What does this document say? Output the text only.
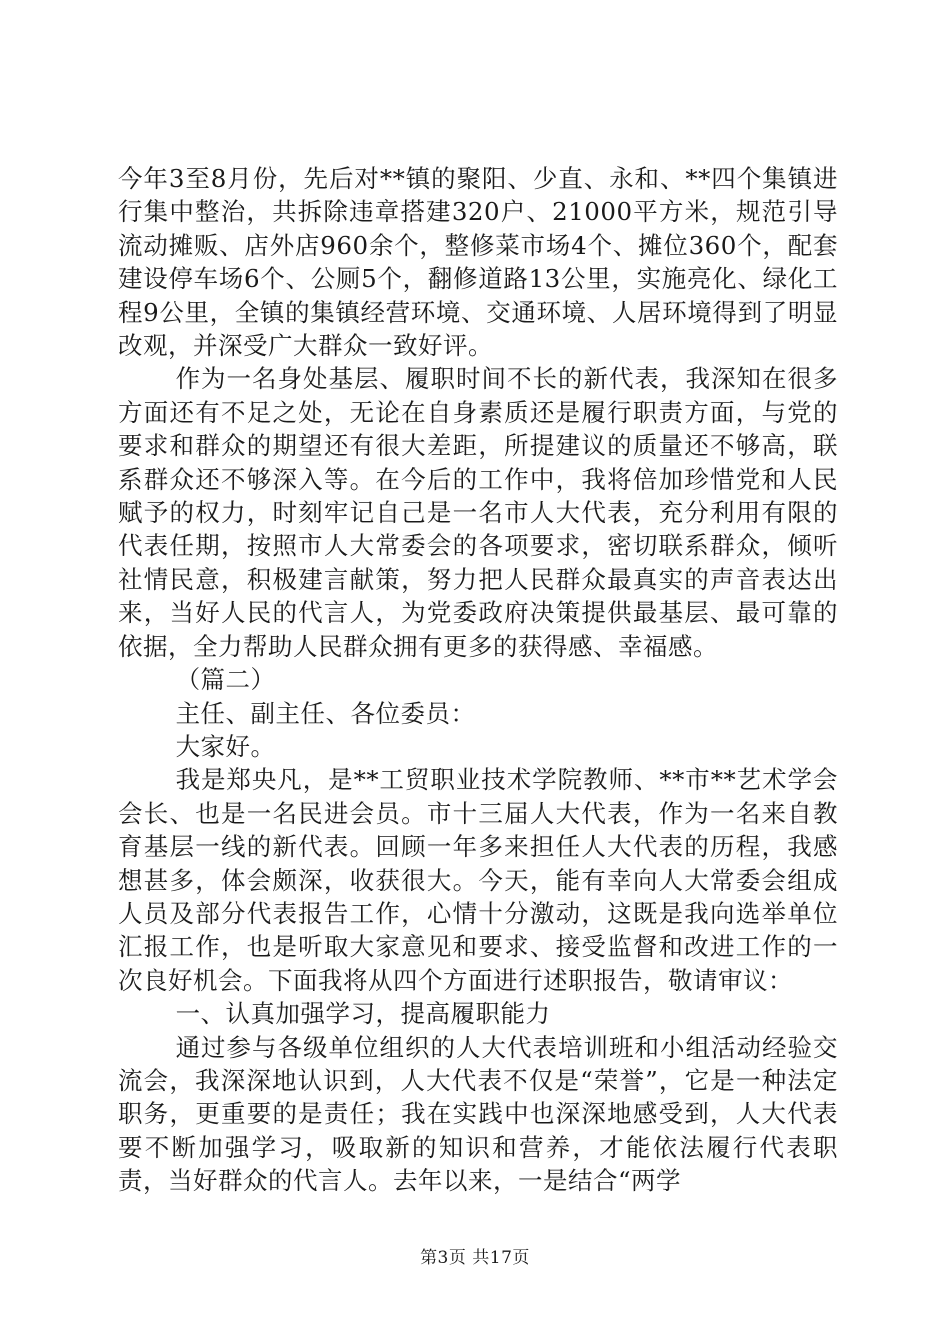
今年3至8月份，先后对**镇的聚阳、少直、永和、**四个集镇进行集中整治，共拆除违章搭建320户、21000平方米，规范引导流动摊贩、店外店960余个，整修菜市场4个、摊位360个，配套建设停车场6个、公厕5个，翻修道路13公里，实施亮化、绿化工程9公里，全镇的集镇经营环境、交通环境、人居环境得到了明显改观，并深受广大群众一致好评。

作为一名身处基层、履职时间不长的新代表，我深知在很多方面还有不足之处，无论在自身素质还是履行职责方面，与党的要求和群众的期望还有很大差距，所提建议的质量还不够高，联系群众还不够深入等。在今后的工作中，我将倍加珍惜党和人民赋予的权力，时刻牢记自己是一名市人大代表，充分利用有限的代表任期，按照市人大常委会的各项要求，密切联系群众，倾听社情民意，积极建言献策，努力把人民群众最真实的声音表达出来，当好人民的代言人，为党委政府决策提供最基层、最可靠的依据，全力帮助人民群众拥有更多的获得感、幸福感。

（篇二）

主任、副主任、各位委员：

大家好。

我是郑央凡，是**工贸职业技术学院教师、**市**艺术学会会长、也是一名民进会员。市十三届人大代表，作为一名来自教育基层一线的新代表。回顾一年多来担任人大代表的历程，我感想甚多，体会颇深，收获很大。今天，能有幸向人大常委会组成人员及部分代表报告工作，心情十分激动，这既是我向选举单位汇报工作，也是听取大家意见和要求、接受监督和改进工作的一次良好机会。下面我将从四个方面进行述职报告，敬请审议：

一、认真加强学习，提高履职能力

通过参与各级单位组织的人大代表培训班和小组活动经验交流会，我深深地认识到，人大代表不仅是“荣誉”，它是一种法定职务，更重要的是责任；我在实践中也深深地感受到，人大代表要不断加强学习，吸取新的知识和营养，才能依法履行代表职责，当好群众的代言人。去年以来，一是结合“两学

第3页 共17页
